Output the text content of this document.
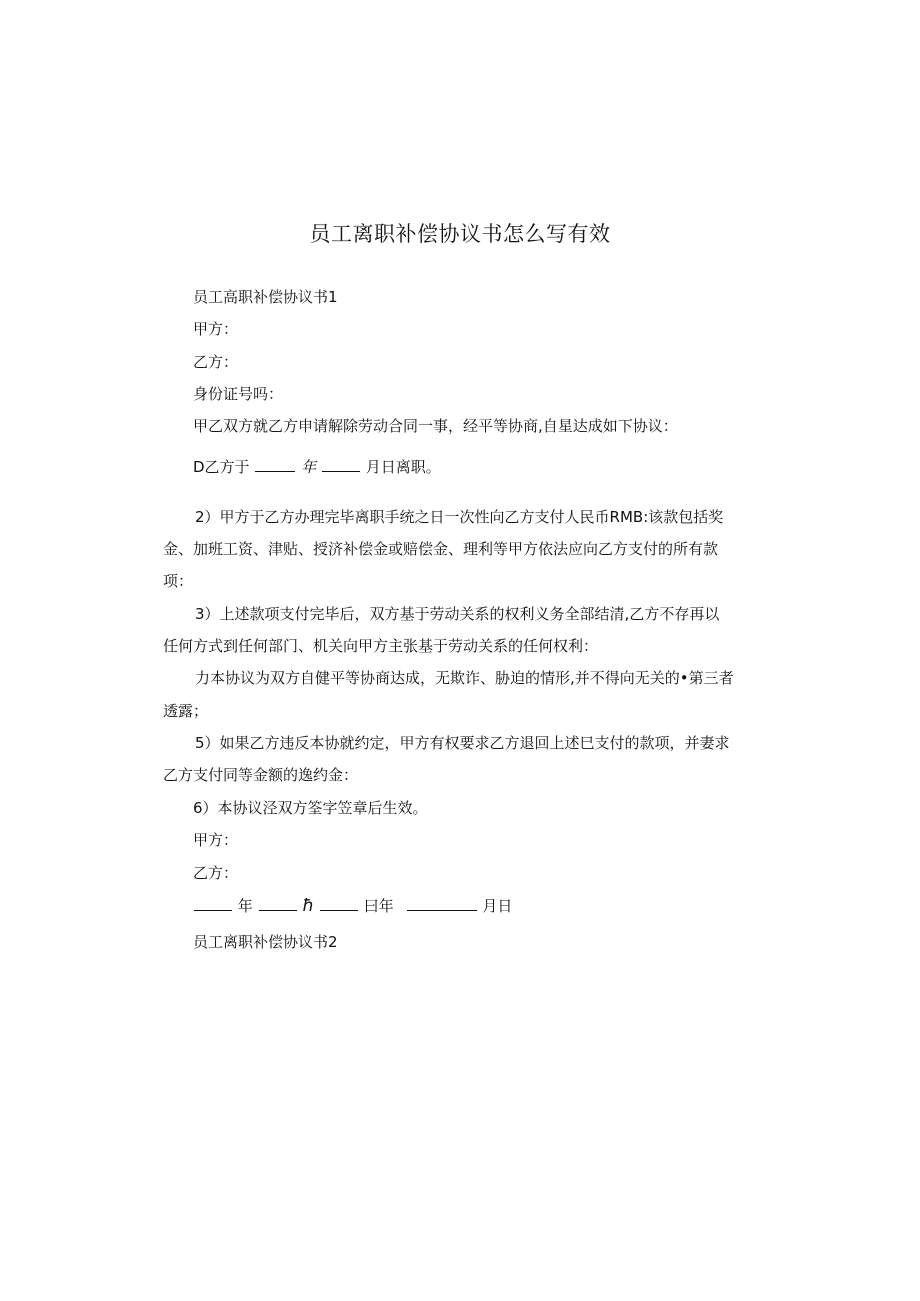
员工离职补偿协议书怎么写有效
员工高职补偿协议书1
甲方：
乙方：
身份证号吗：
甲乙双方就乙方申请解除劳动合同一事，经平等协商,自星达成如下协议：
D乙方于	年	月日离职。
2）甲方于乙方办理完毕离职手统之日一次性向乙方支付人民币RMB:该款包括奖
金、加班工资、津贴、授济补偿金或赔偿金、理利等甲方依法应向乙方支付的所有款
项：
3）上述款项支付完毕后，双方基于劳动关系的权利义务全部结清,乙方不存再以
任何方式到任何部门、机关向甲方主张基于劳动关系的任何权利：
力本协议为双方自健平等协商达成，无欺诈、胁迫的情形,并不得向无关的•第三者
透露；
5）如果乙方违反本协就约定，甲方有权要求乙方退回上述巳支付的款项，并妻求
乙方支付同等金额的逸约金：
6）本协议泾双方筌字笠章后生效。
甲方：
乙方：
年	ħ	曰年	月日
员工离职补偿协议书2
